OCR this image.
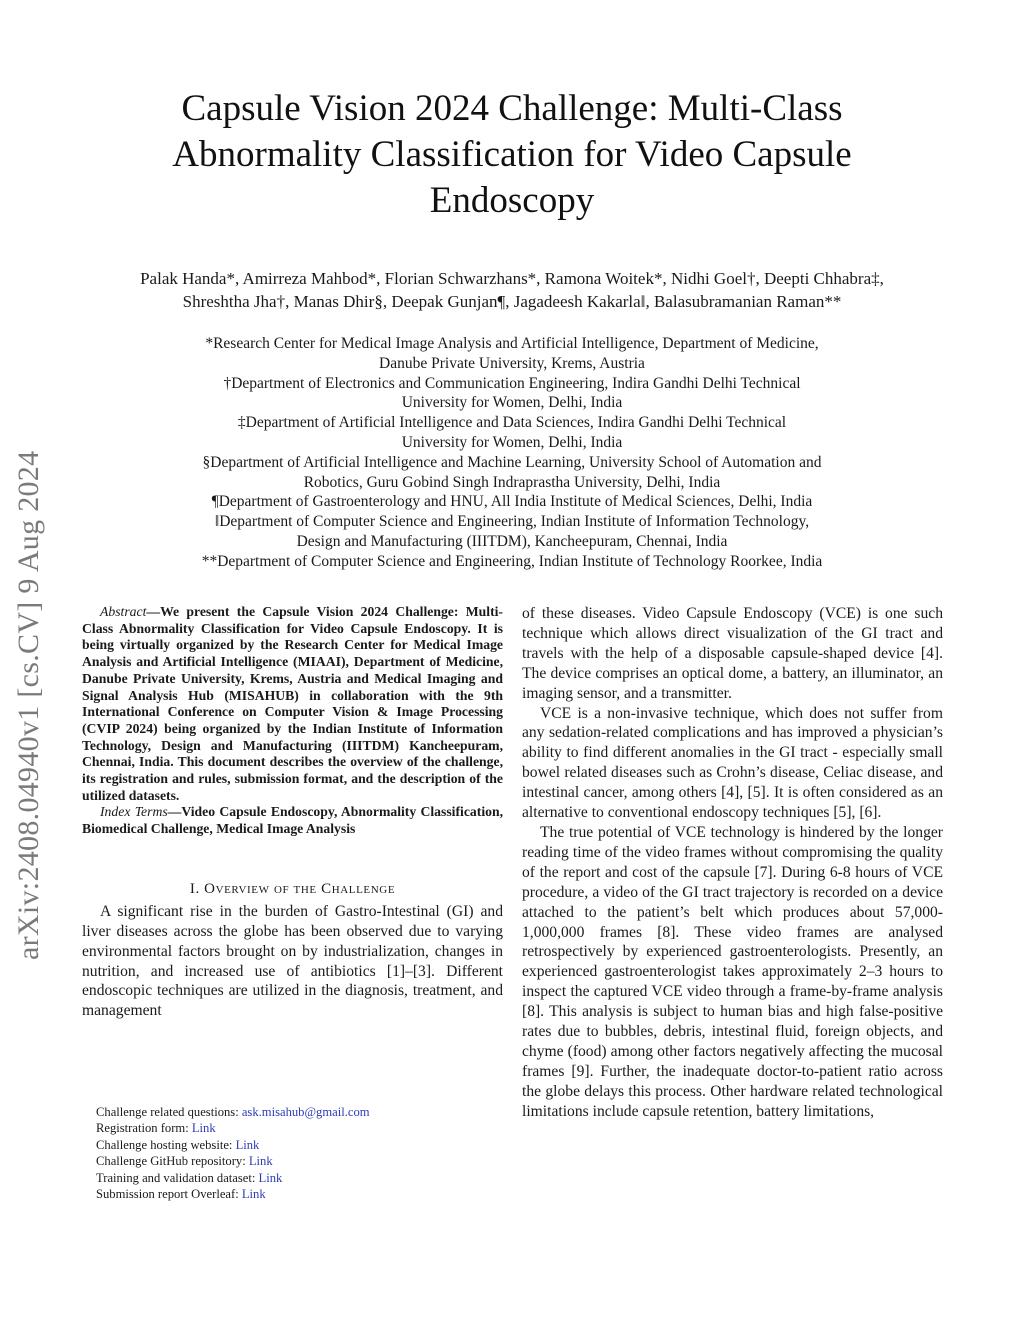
arXiv:2408.04940v1 [cs.CV] 9 Aug 2024
Capsule Vision 2024 Challenge: Multi-Class
Abnormality Classification for Video Capsule
Endoscopy
Palak Handa*, Amirreza Mahbod*, Florian Schwarzhans*, Ramona Woitek*, Nidhi Goel†, Deepti Chhabra‡,
Shreshtha Jha†, Manas Dhir§, Deepak Gunjan¶, Jagadeesh Kakarla‖, Balasubramanian Raman**
*Research Center for Medical Image Analysis and Artificial Intelligence, Department of Medicine,
Danube Private University, Krems, Austria
†Department of Electronics and Communication Engineering, Indira Gandhi Delhi Technical
University for Women, Delhi, India
‡Department of Artificial Intelligence and Data Sciences, Indira Gandhi Delhi Technical
University for Women, Delhi, India
§Department of Artificial Intelligence and Machine Learning, University School of Automation and
Robotics, Guru Gobind Singh Indraprastha University, Delhi, India
¶Department of Gastroenterology and HNU, All India Institute of Medical Sciences, Delhi, India
‖Department of Computer Science and Engineering, Indian Institute of Information Technology,
Design and Manufacturing (IIITDM), Kancheepuram, Chennai, India
**Department of Computer Science and Engineering, Indian Institute of Technology Roorkee, India

Abstract—We present the Capsule Vision 2024 Challenge: Multi-Class Abnormality Classification for Video Capsule Endoscopy. It is being virtually organized by the Research Center for Medical Image Analysis and Artificial Intelligence (MIAAI), Department of Medicine, Danube Private University, Krems, Austria and Medical Imaging and Signal Analysis Hub (MISAHUB) in collaboration with the 9th International Conference on Computer Vision & Image Processing (CVIP 2024) being organized by the Indian Institute of Information Technology, Design and Manufacturing (IIITDM) Kancheepuram, Chennai, India. This document describes the overview of the challenge, its registration and rules, submission format, and the description of the utilized datasets.

Index Terms—Video Capsule Endoscopy, Abnormality Classification, Biomedical Challenge, Medical Image Analysis

I. Overview of the Challenge

A significant rise in the burden of Gastro-Intestinal (GI) and liver diseases across the globe has been observed due to varying environmental factors brought on by industrialization, changes in nutrition, and increased use of antibiotics [1]–[3]. Different endoscopic techniques are utilized in the diagnosis, treatment, and management

Challenge related questions: ask.misahub@gmail.com
Registration form: Link
Challenge hosting website: Link
Challenge GitHub repository: Link
Training and validation dataset: Link
Submission report Overleaf: Link

of these diseases. Video Capsule Endoscopy (VCE) is one such technique which allows direct visualization of the GI tract and travels with the help of a disposable capsule-shaped device [4]. The device comprises an optical dome, a battery, an illuminator, an imaging sensor, and a transmitter.

VCE is a non-invasive technique, which does not suffer from any sedation-related complications and has improved a physician’s ability to find different anomalies in the GI tract - especially small bowel related diseases such as Crohn’s disease, Celiac disease, and intestinal cancer, among others [4], [5]. It is often considered as an alternative to conventional endoscopy techniques [5], [6].

The true potential of VCE technology is hindered by the longer reading time of the video frames without compromising the quality of the report and cost of the capsule [7]. During 6-8 hours of VCE procedure, a video of the GI tract trajectory is recorded on a device attached to the patient’s belt which produces about 57,000-1,000,000 frames [8]. These video frames are analysed retrospectively by experienced gastroenterologists. Presently, an experienced gastroenterologist takes approximately 2–3 hours to inspect the captured VCE video through a frame-by-frame analysis [8]. This analysis is subject to human bias and high false-positive rates due to bubbles, debris, intestinal fluid, foreign objects, and chyme (food) among other factors negatively affecting the mucosal frames [9]. Further, the inadequate doctor-to-patient ratio across the globe delays this process. Other hardware related technological limitations include capsule retention, battery limitations,
